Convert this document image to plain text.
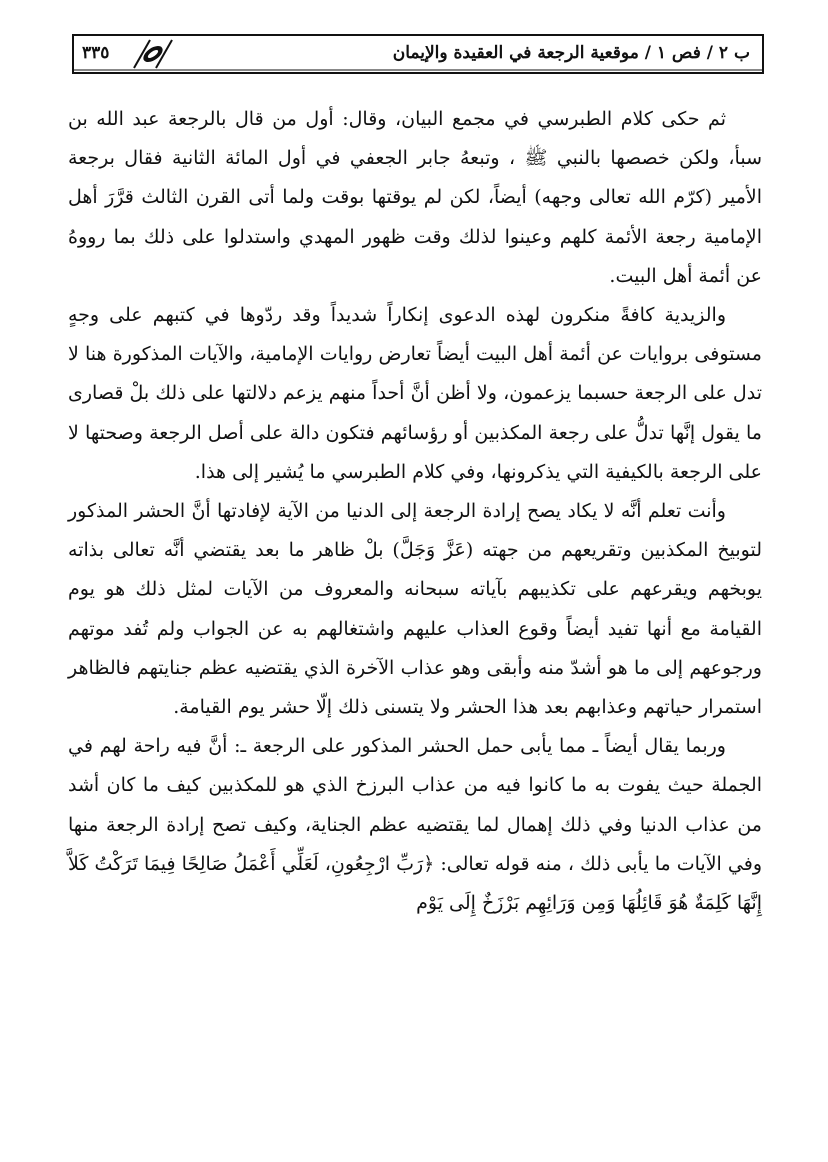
ب ٢ / فص ١ / موقعية الرجعة في العقيدة والإيمان
٣٣٥

ثم حكى كلام الطبرسي في مجمع البيان، وقال: أول من قال بالرجعة عبد الله بن سبأ، ولكن خصصها بالنبي ﷺ ، وتبعهُ جابر الجعفي في أول المائة الثانية فقال برجعة الأمير (كرّم الله تعالى وجهه) أيضاً، لكن لم يوقتها بوقت ولما أتى القرن الثالث قرَّرَ أهل الإمامية رجعة الأئمة كلهم وعينوا لذلك وقت ظهور المهدي واستدلوا على ذلك بما رووهُ عن أئمة أهل البيت.

والزيدية كافةً منكرون لهذه الدعوى إنكاراً شديداً وقد ردّوها في كتبهم على وجهٍ مستوفى بروايات عن أئمة أهل البيت أيضاً تعارض روايات الإمامية، والآيات المذكورة هنا لا تدل على الرجعة حسبما يزعمون، ولا أظن أنَّ أحداً منهم يزعم دلالتها على ذلك بلْ قصارى ما يقول إنَّها تدلُّ على رجعة المكذبين أو رؤسائهم فتكون دالة على أصل الرجعة وصحتها لا على الرجعة بالكيفية التي يذكرونها، وفي كلام الطبرسي ما يُشير إلى هذا.

وأنت تعلم أنَّه لا يكاد يصح إرادة الرجعة إلى الدنيا من الآية لإفادتها أنَّ الحشر المذكور لتوبيخ المكذبين وتقريعهم من جهته (عَزَّ وَجَلَّ) بلْ ظاهر ما بعد يقتضي أنَّه تعالى بذاته يوبخهم ويقرعهم على تكذيبهم بآياته سبحانه والمعروف من الآيات لمثل ذلك هو يوم القيامة مع أنها تفيد أيضاً وقوع العذاب عليهم واشتغالهم به عن الجواب ولم تُفد موتهم ورجوعهم إلى ما هو أشدّ منه وأبقى وهو عذاب الآخرة الذي يقتضيه عظم جنايتهم فالظاهر استمرار حياتهم وعذابهم بعد هذا الحشر ولا يتسنى ذلك إلّا حشر يوم القيامة.

وربما يقال أيضاً ـ مما يأبى حمل الحشر المذكور على الرجعة ـ: أنَّ فيه راحة لهم في الجملة حيث يفوت به ما كانوا فيه من عذاب البرزخ الذي هو للمكذبين كيف ما كان أشد من عذاب الدنيا وفي ذلك إهمال لما يقتضيه عظم الجناية، وكيف تصح إرادة الرجعة منها وفي الآيات ما يأبى ذلك ، منه قوله تعالى: ﴿رَبِّ ارْجِعُونِ، لَعَلِّي أَعْمَلُ صَالِحًا فِيمَا تَرَكْتُ كَلاَّ إِنَّهَا كَلِمَةٌ هُوَ قَائِلُهَا وَمِن وَرَائِهِم بَرْزَخٌ إِلَى يَوْم
